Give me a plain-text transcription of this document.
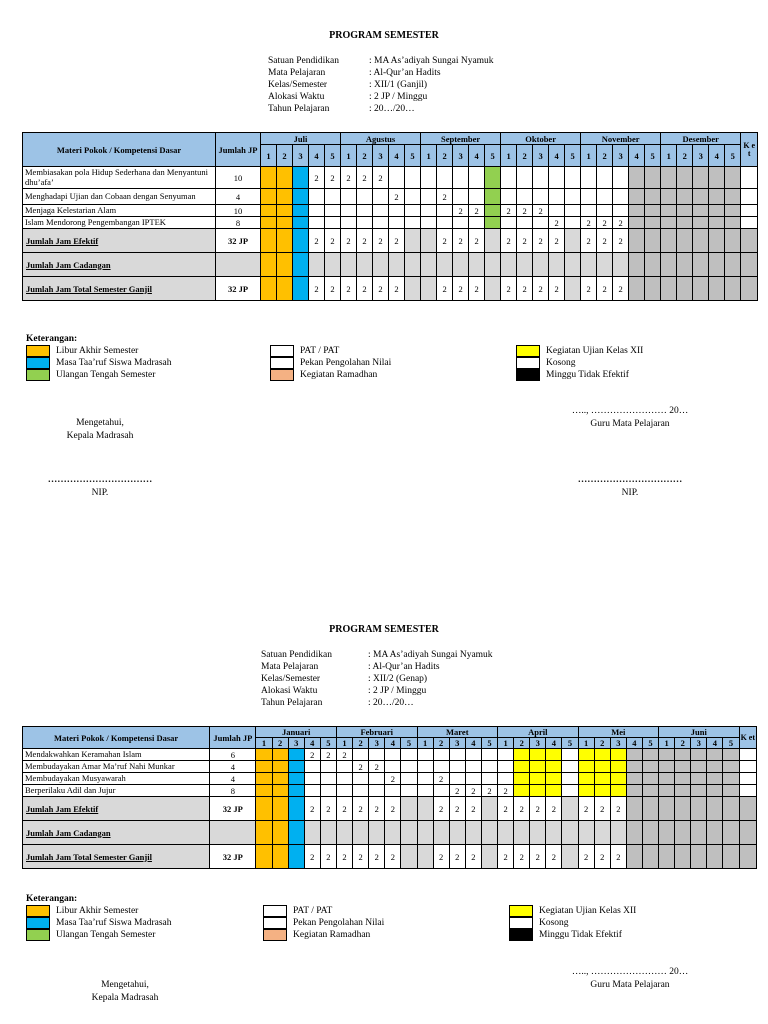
PROGRAM SEMESTER
Satuan Pendidikan	: MA As’adiyah Sungai Nyamuk
Mata Pelajaran	: Al-Qur’an Hadits
Kelas/Semester	: XII/1 (Ganjil)
Alokasi Waktu	: 2 JP / Minggu
Tahun Pelajaran	: 20…/20…
Materi Pokok / Kompetensi Dasar	Jumlah JP	Juli					Agustus					September					Oktober					November					Desember					K e t
		1	2	3	4	5	1	2	3	4	5	1	2	3	4	5	1	2	3	4	5	1	2	3	4	5	1	2	3	4	5	
Membiasakan pola Hidup Sederhana dan Menyantuni dhu’afa’	10				2	2	2	2	2																							
Menghadapi Ujian dan Cobaan dengan Senyuman	4									2			2																			
Menjaga Kelestarian Alam	10													2	2		2	2	2													
Islam Mendorong Pengembangan IPTEK	8																			2		2	2	2								
Jumlah Jam Efektif	32 JP				2	2	2	2	2	2			2	2	2		2	2	2	2		2	2	2								
Jumlah Jam Cadangan																																
Jumlah Jam Total Semester Ganjil	32 JP				2	2	2	2	2	2			2	2	2		2	2	2	2		2	2	2								
Keterangan:
Libur Akhir Semester
Masa Taa’ruf Siswa Madrasah
Ulangan Tengah Semester
PAT / PAT
Pekan Pengolahan Nilai
Kegiatan Ramadhan
Kegiatan Ujian Kelas XII
Kosong
Minggu Tidak Efektif
Mengetahui,
Kepala Madrasah
….., …………………… 20…
Guru Mata Pelajaran
……………………………
NIP.
……………………………
NIP.
PROGRAM SEMESTER
Satuan Pendidikan	: MA As’adiyah Sungai Nyamuk
Mata Pelajaran	: Al-Qur’an Hadits
Kelas/Semester	: XII/2 (Genap)
Alokasi Waktu	: 2 JP / Minggu
Tahun Pelajaran	: 20…/20…
Materi Pokok / Kompetensi Dasar	Jumlah JP	Januari					Februari					Maret					April					Mei					Juni					K et
		1	2	3	4	5	1	2	3	4	5	1	2	3	4	5	1	2	3	4	5	1	2	3	4	5	1	2	3	4	5	
Mendakwahkan Keramahan Islam	6				2	2	2																									
Membudayakan Amar Ma’ruf Nahi Munkar	4							2	2																							
Membudayakan Musyawarah	4									2			2																			
Berperilaku Adil dan Jujur	8													2	2	2	2															
Jumlah Jam Efektif	32 JP				2	2	2	2	2	2			2	2	2		2	2	2	2		2	2	2								
Jumlah Jam Cadangan																																
Jumlah Jam Total Semester Ganjil	32 JP				2	2	2	2	2	2			2	2	2		2	2	2	2		2	2	2								
Keterangan:
Libur Akhir Semester
Masa Taa’ruf Siswa Madrasah
Ulangan Tengah Semester
PAT / PAT
Pekan Pengolahan Nilai
Kegiatan Ramadhan
Kegiatan Ujian Kelas XII
Kosong
Minggu Tidak Efektif
Mengetahui,
Kepala Madrasah
….., …………………… 20…
Guru Mata Pelajaran
